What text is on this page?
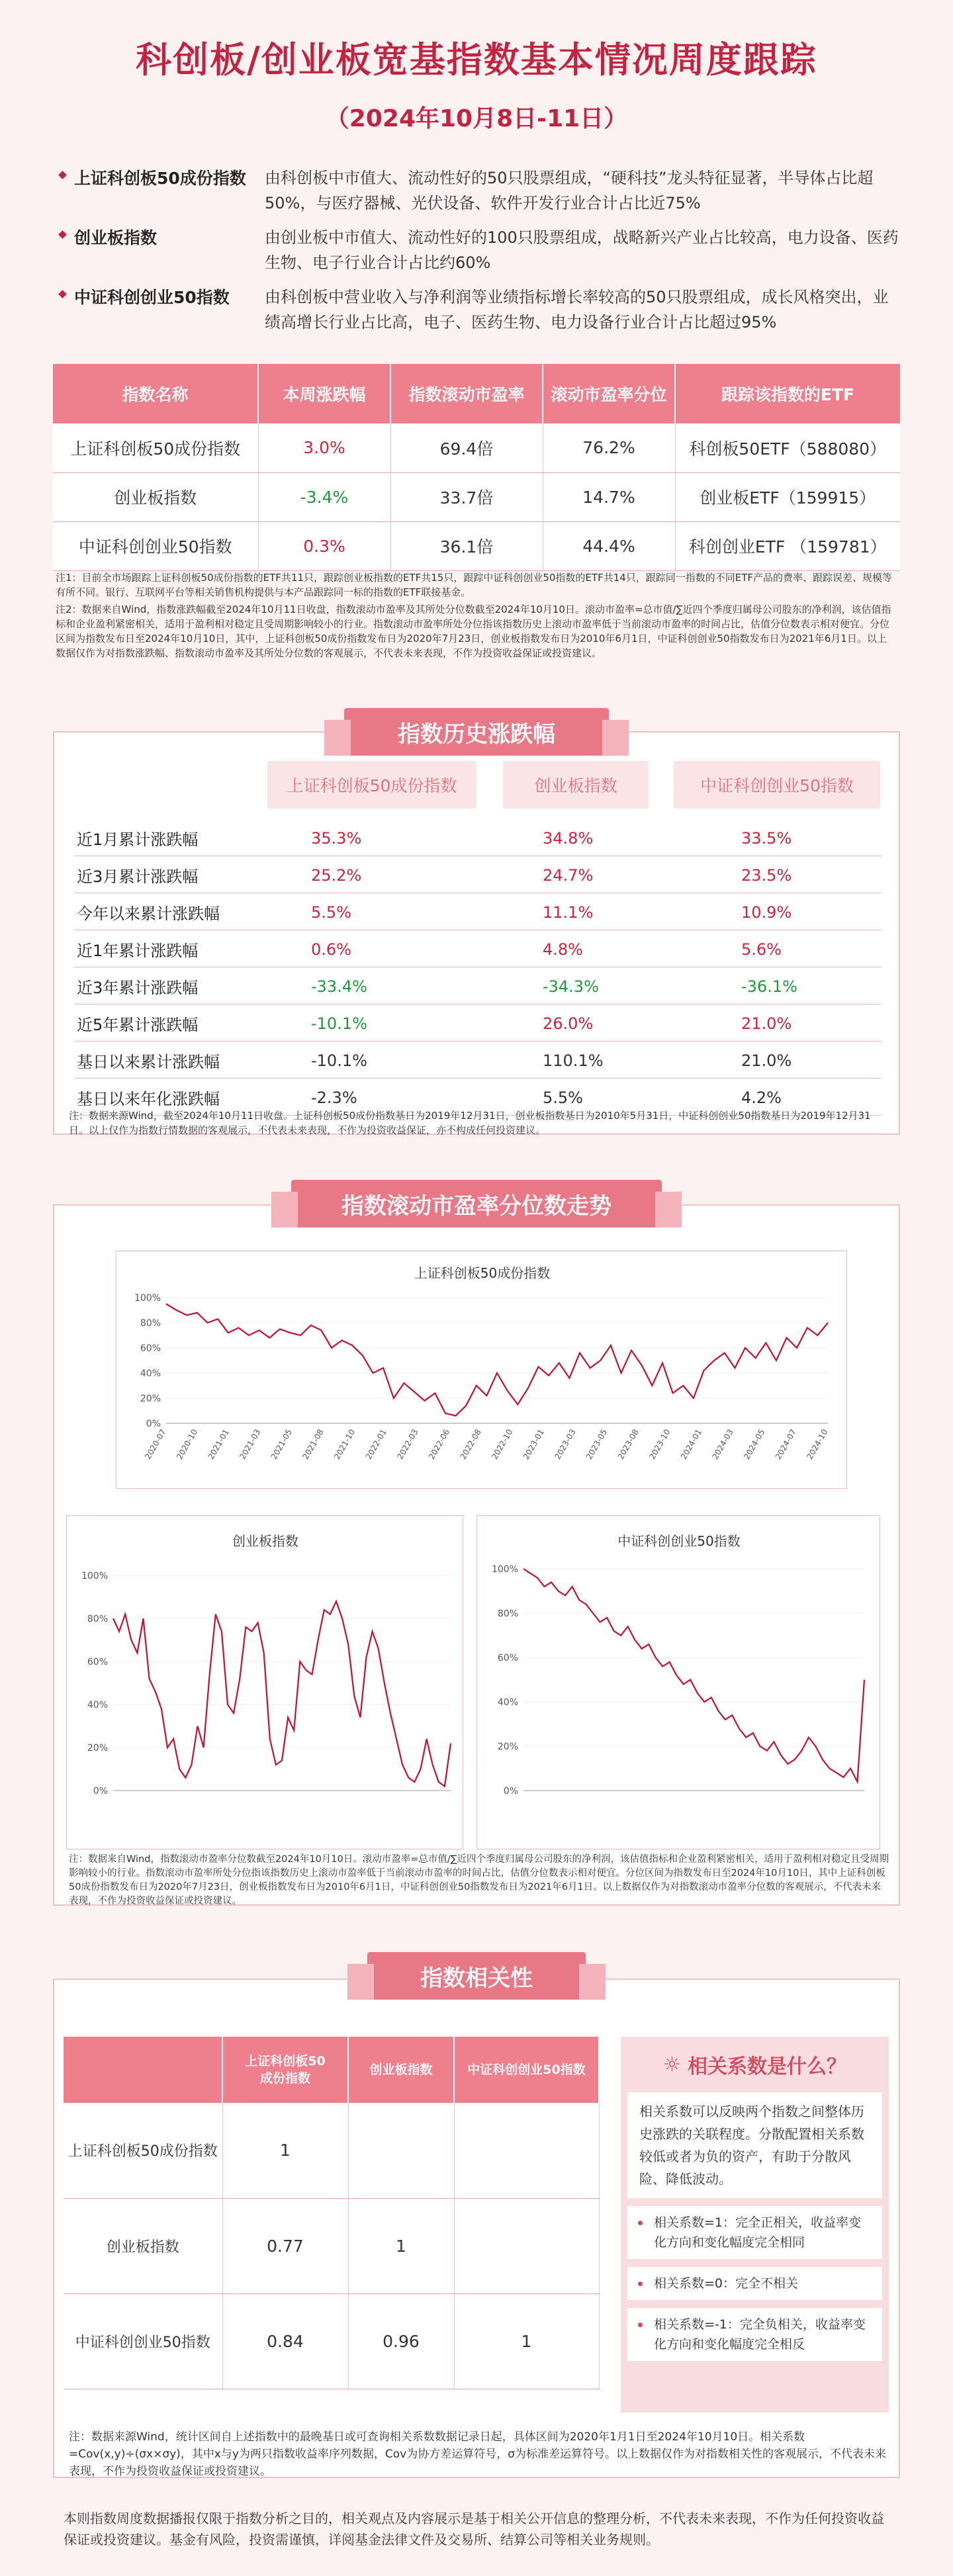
科创板/创业板宽基指数基本情况周度跟踪
（2024年10月8日-11日）
上证科创板50成份指数	由科创板中市值大、流动性好的50只股票组成，“硬科技”龙头特征显著，半导体占比超50%，与医疗器械、光伏设备、软件开发行业合计占比近75%
创业板指数	由创业板中市值大、流动性好的100只股票组成，战略新兴产业占比较高，电力设备、医药生物、电子行业合计占比约60%
中证科创创业50指数	由科创板中营业收入与净利润等业绩指标增长率较高的50只股票组成，成长风格突出，业绩高增长行业占比高，电子、医药生物、电力设备行业合计占比超过95%
指数名称	本周涨跌幅	指数滚动市盈率	滚动市盈率分位	跟踪该指数的ETF
上证科创板50成份指数	3.0%	69.4倍	76.2%	科创板50ETF（588080）
创业板指数	-3.4%	33.7倍	14.7%	创业板ETF（159915）
中证科创创业50指数	0.3%	36.1倍	44.4%	科创创业ETF （159781）
注1：目前全市场跟踪上证科创板50成份指数的ETF共11只，跟踪创业板指数的ETF共15只，跟踪中证科创创业50指数的ETF共14只，跟踪同一指数的不同ETF产品的费率、跟踪误差、规模等有所不同。银行、互联网平台等相关销售机构提供与本产品跟踪同一标的指数的ETF联接基金。
注2：数据来自Wind，指数涨跌幅截至2024年10月11日收盘，指数滚动市盈率及其所处分位数截至2024年10月10日。滚动市盈率=总市值/∑近四个季度归属母公司股东的净利润，该估值指标和企业盈利紧密相关，适用于盈利相对稳定且受周期影响较小的行业。指数滚动市盈率所处分位指该指数历史上滚动市盈率低于当前滚动市盈率的时间占比，估值分位数表示相对便宜。分位区间为指数发布日至2024年10月10日，其中，上证科创板50成份指数发布日为2020年7月23日，创业板指数发布日为2010年6月1日，中证科创创业50指数发布日为2021年6月1日。以上数据仅作为对指数涨跌幅、指数滚动市盈率及其所处分位数的客观展示，不代表未来表现，不作为投资收益保证或投资建议。
指数历史涨跌幅
上证科创板50成份指数	创业板指数	中证科创创业50指数
近1月累计涨跌幅	35.3%	34.8%	33.5%
近3月累计涨跌幅	25.2%	24.7%	23.5%
今年以来累计涨跌幅	5.5%	11.1%	10.9%
近1年累计涨跌幅	0.6%	4.8%	5.6%
近3年累计涨跌幅	-33.4%	-34.3%	-36.1%
近5年累计涨跌幅	-10.1%	26.0%	21.0%
基日以来累计涨跌幅	-10.1%	110.1%	21.0%
基日以来年化涨跌幅	-2.3%	5.5%	4.2%
注：数据来源Wind，截至2024年10月11日收盘。上证科创板50成份指数基日为2019年12月31日，创业板指数基日为2010年5月31日，中证科创创业50指数基日为2019年12月31日。以上仅作为指数行情数据的客观展示，不代表未来表现，不作为投资收益保证，亦不构成任何投资建议。
指数滚动市盈率分位数走势
上证科创板50成份指数
0%
20%
40%
60%
80%
100%
2020-07 2020-10 2021-01 2021-03 2021-05 2021-08 2021-10 2022-01 2022-03 2022-06 2022-08 2022-10 2023-01 2023-03 2023-05 2023-08 2023-10 2024-01 2024-03 2024-05 2024-07 2024-10
创业板指数
0%
20%
40%
60%
80%
100%
中证科创创业50指数
0%
20%
40%
60%
80%
100%
注：数据来自Wind，指数滚动市盈率分位数截至2024年10月10日。滚动市盈率=总市值/∑近四个季度归属母公司股东的净利润，该估值指标和企业盈利紧密相关，适用于盈利相对稳定且受周期影响较小的行业。指数滚动市盈率所处分位指该指数历史上滚动市盈率低于当前滚动市盈率的时间占比，估值分位数表示相对便宜。分位区间为指数发布日至2024年10月10日，其中上证科创板50成份指数发布日为2020年7月23日，创业板指数发布日为2010年6月1日，中证科创创业50指数发布日为2021年6月1日。以上数据仅作为对指数滚动市盈率分位数的客观展示，不代表未来表现，不作为投资收益保证或投资建议。
指数相关性
	上证科创板50
成份指数	创业板指数	中证科创创业50指数
上证科创板50成份指数	1		
创业板指数	0.77	1	
中证科创创业50指数	0.84	0.96	1
☼ 相关系数是什么？
相关系数可以反映两个指数之间整体历史涨跌的关联程度。分散配置相关系数较低或者为负的资产，有助于分散风险、降低波动。
相关系数=1：完全正相关，收益率变化方向和变化幅度完全相同
相关系数=0：完全不相关
相关系数=-1：完全负相关，收益率变化方向和变化幅度完全相反
注：数据来源Wind，统计区间自上述指数中的最晚基日或可查询相关系数数据记录日起，具体区间为2020年1月1日至2024年10月10日。相关系数=Cov(x,y)÷(σx×σy)，其中x与y为两只指数收益率序列数据，Cov为协方差运算符号，σ为标准差运算符号。以上数据仅作为对指数相关性的客观展示，不代表未来表现，不作为投资收益保证或投资建议。
本则指数周度数据播报仅限于指数分析之目的，相关观点及内容展示是基于相关公开信息的整理分析，不代表未来表现，不作为任何投资收益保证或投资建议。基金有风险，投资需谨慎，详阅基金法律文件及交易所、结算公司等相关业务规则。
